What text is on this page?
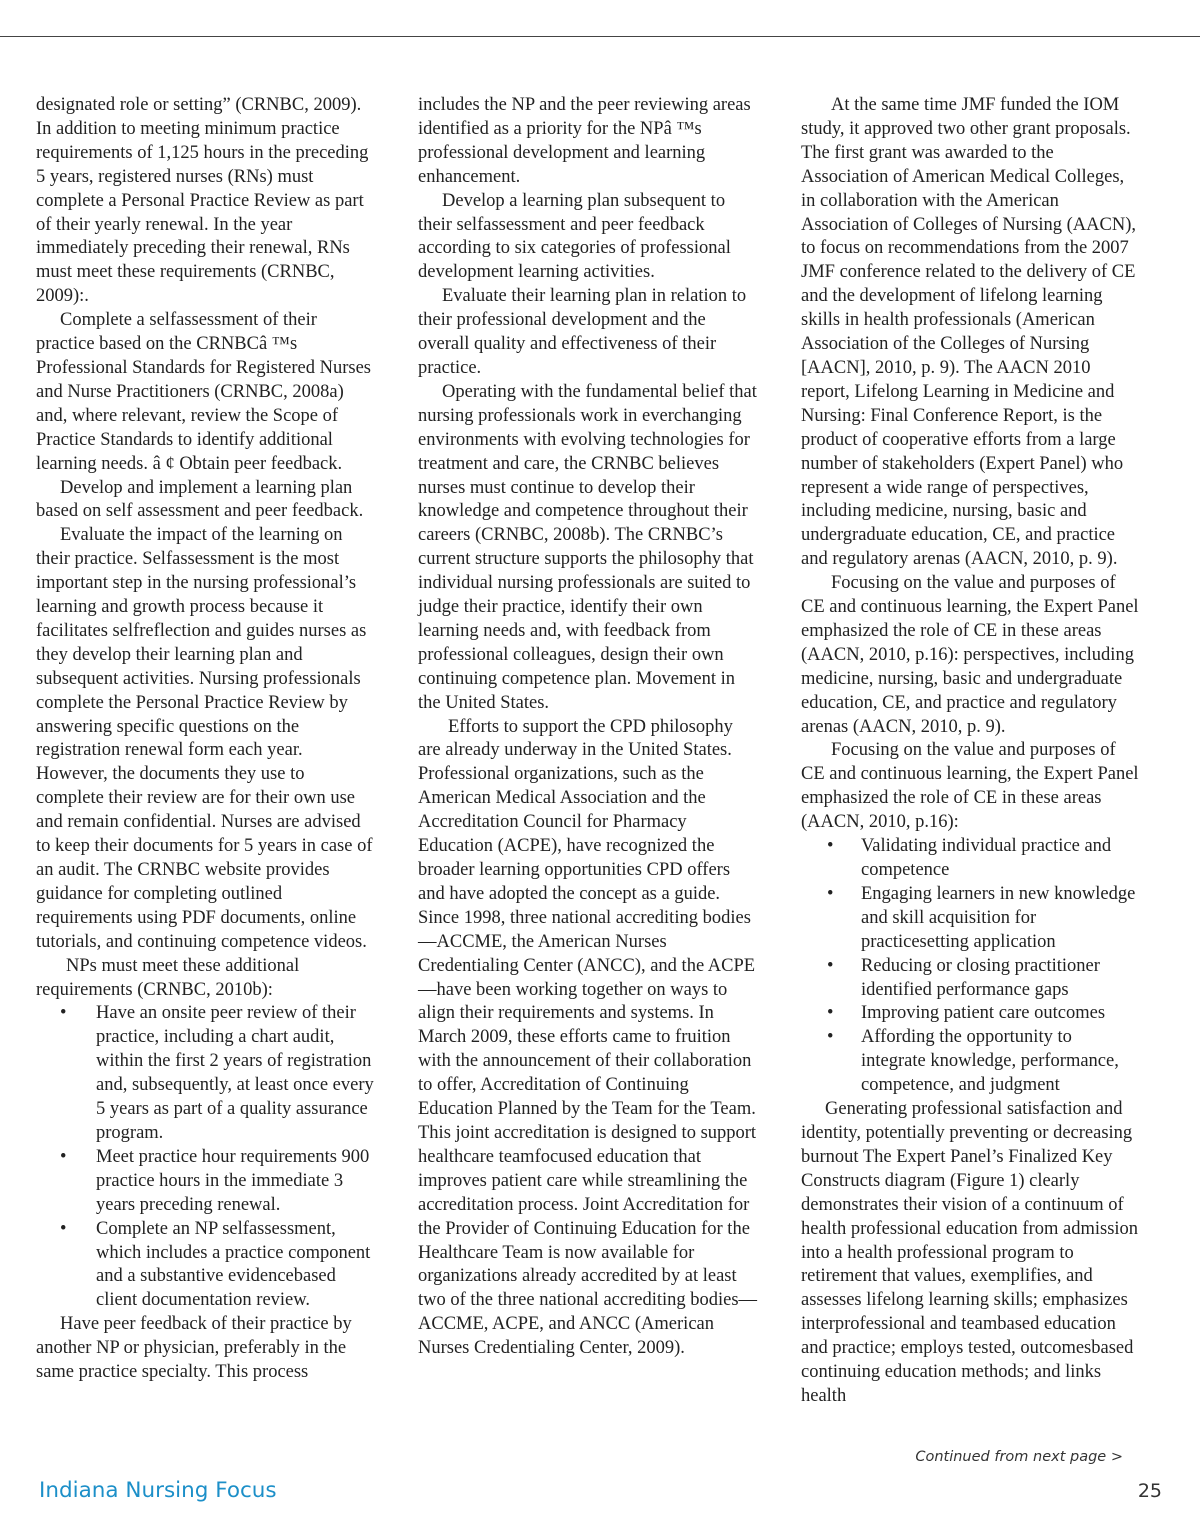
designated role or setting” (CRNBC, 2009). In addition to meeting minimum practice requirements of 1,125 hours in the preceding 5 years, registered nurses (RNs) must complete a Personal Practice Review as part of their yearly renewal. In the year immediately preceding their renewal, RNs must meet these requirements (CRNBC, 2009):.

Complete a selfassessment of their practice based on the CRNBCâ ™s Professional Standards for Registered Nurses and Nurse Practitioners (CRNBC, 2008a) and, where relevant, review the Scope of Practice Standards to identify additional learning needs. â ¢ Obtain peer feedback.

Develop and implement a learning plan based on self assessment and peer feedback.

Evaluate the impact of the learning on their practice. Selfassessment is the most important step in the nursing professional’s learning and growth process because it facilitates selfreflection and guides nurses as they develop their learning plan and subsequent activities. Nursing professionals complete the Personal Practice Review by answering specific questions on the registration renewal form each year. However, the documents they use to complete their review are for their own use and remain confidential. Nurses are advised to keep their documents for 5 years in case of an audit. The CRNBC website provides guidance for completing outlined requirements using PDF documents, online tutorials, and continuing competence videos.

NPs must meet these additional requirements (CRNBC, 2010b):

• Have an onsite peer review of their practice, including a chart audit, within the first 2 years of registration and, subsequently, at least once every 5 years as part of a quality assurance program.
• Meet practice hour requirements 900 practice hours in the immediate 3 years preceding renewal.
• Complete an NP selfassessment, which includes a practice component and a substantive evidencebased client documentation review.

Have peer feedback of their practice by another NP or physician, preferably in the same practice specialty. This process

includes the NP and the peer reviewing areas identified as a priority for the NPâ ™s professional development and learning enhancement.

Develop a learning plan subsequent to their selfassessment and peer feedback according to six categories of professional development learning activities.

Evaluate their learning plan in relation to their professional development and the overall quality and effectiveness of their practice.

Operating with the fundamental belief that nursing professionals work in everchanging environments with evolving technologies for treatment and care, the CRNBC believes nurses must continue to develop their knowledge and competence throughout their careers (CRNBC, 2008b). The CRNBC’s current structure supports the philosophy that individual nursing professionals are suited to judge their practice, identify their own learning needs and, with feedback from professional colleagues, design their own continuing competence plan. Movement in the United States.

Efforts to support the CPD philosophy are already underway in the United States. Professional organizations, such as the American Medical Association and the Accreditation Council for Pharmacy Education (ACPE), have recognized the broader learning opportunities CPD offers and have adopted the concept as a guide. Since 1998, three national accrediting bodies—ACCME, the American Nurses Credentialing Center (ANCC), and the ACPE—have been working together on ways to align their requirements and systems. In March 2009, these efforts came to fruition with the announcement of their collaboration to offer, Accreditation of Continuing Education Planned by the Team for the Team. This joint accreditation is designed to support healthcare teamfocused education that improves patient care while streamlining the accreditation process. Joint Accreditation for the Provider of Continuing Education for the Healthcare Team is now available for organizations already accredited by at least two of the three national accrediting bodies— ACCME, ACPE, and ANCC (American Nurses Credentialing Center, 2009).

At the same time JMF funded the IOM study, it approved two other grant proposals. The first grant was awarded to the Association of American Medical Colleges, in collaboration with the American Association of Colleges of Nursing (AACN), to focus on recommendations from the 2007 JMF conference related to the delivery of CE and the development of lifelong learning skills in health professionals (American Association of the Colleges of Nursing [AACN], 2010, p. 9). The AACN 2010 report, Lifelong Learning in Medicine and Nursing: Final Conference Report, is the product of cooperative efforts from a large number of stakeholders (Expert Panel) who represent a wide range of perspectives, including medicine, nursing, basic and undergraduate education, CE, and practice and regulatory arenas (AACN, 2010, p. 9).

Focusing on the value and purposes of CE and continuous learning, the Expert Panel emphasized the role of CE in these areas (AACN, 2010, p.16): perspectives, including medicine, nursing, basic and undergraduate education, CE, and practice and regulatory arenas (AACN, 2010, p. 9).

Focusing on the value and purposes of CE and continuous learning, the Expert Panel emphasized the role of CE in these areas (AACN, 2010, p.16):

• Validating individual practice and competence
• Engaging learners in new knowledge and skill acquisition for practicesetting application
• Reducing or closing practitioner identified performance gaps
• Improving patient care outcomes
• Affording the opportunity to integrate knowledge, performance, competence, and judgment

Generating professional satisfaction and identity, potentially preventing or decreasing burnout The Expert Panel’s Finalized Key Constructs diagram (Figure 1) clearly demonstrates their vision of a continuum of health professional education from admission into a health professional program to retirement that values, exemplifies, and assesses lifelong learning skills; emphasizes interprofessional and teambased education and practice; employs tested, outcomesbased continuing education methods; and links health

Continued from next page >
Indiana Nursing Focus	25
